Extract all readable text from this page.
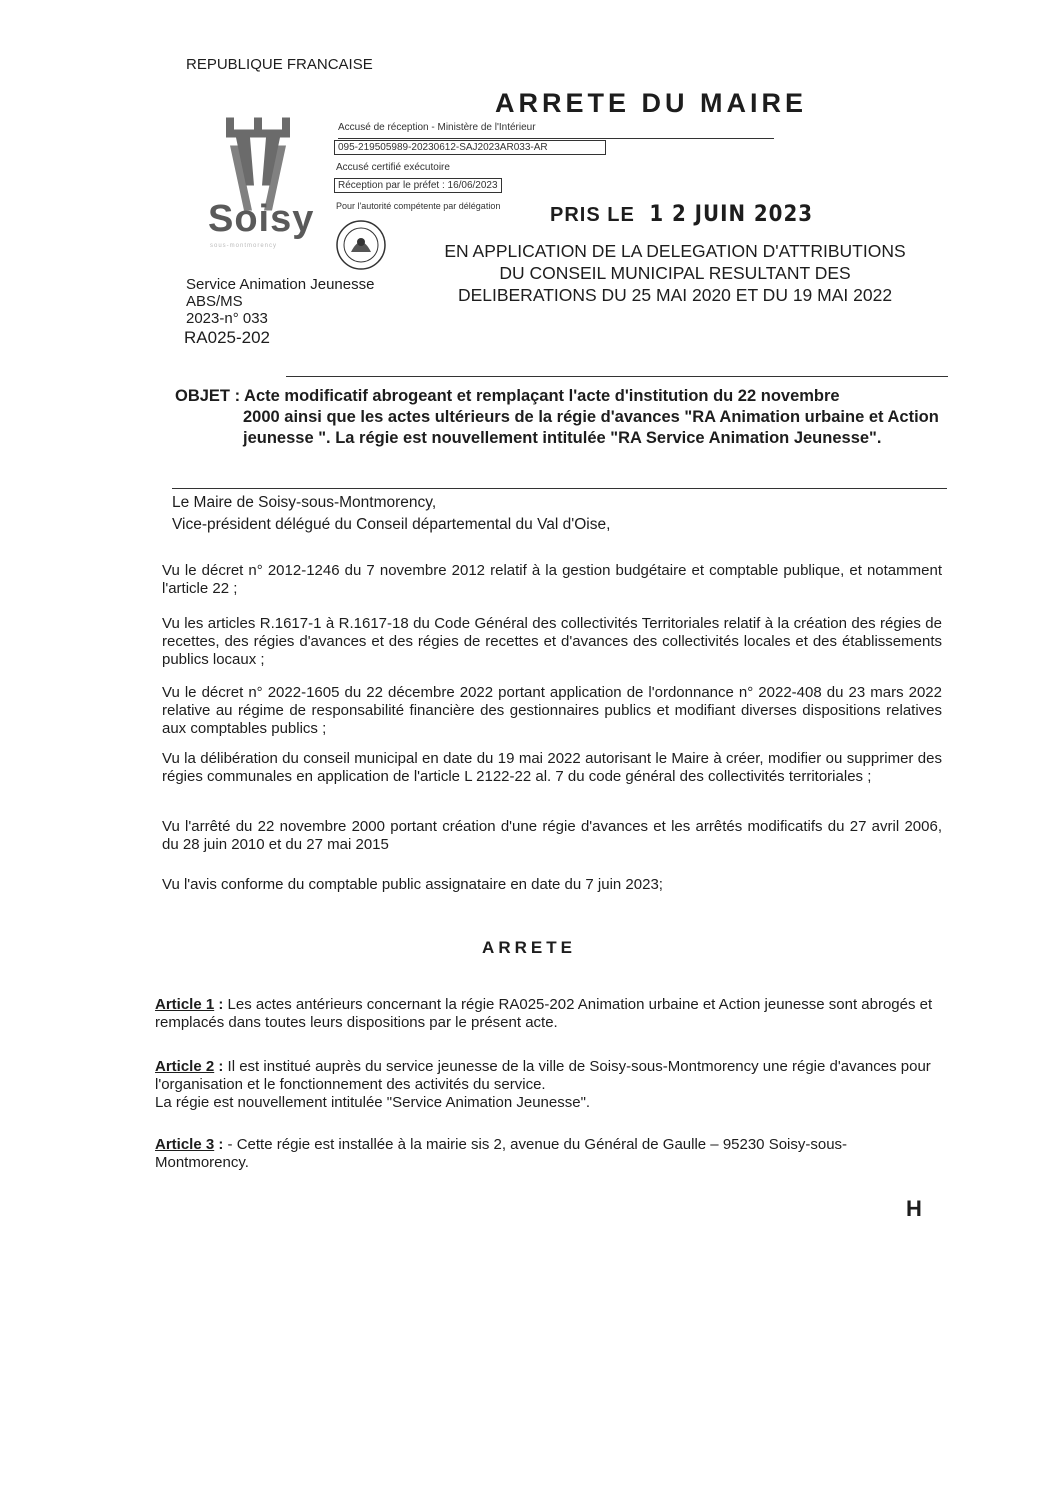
REPUBLIQUE FRANCAISE
Soisy
sous-montmorency
ARRETE DU MAIRE
Accusé de réception - Ministère de l'Intérieur
095-219505989-20230612-SAJ2023AR033-AR
Accusé certifié exécutoire
Réception par le préfet : 16/06/2023
Pour l'autorité compétente par délégation PRIS LE 1 2 JUIN 2023
EN APPLICATION DE LA DELEGATION D'ATTRIBUTIONS
DU CONSEIL MUNICIPAL RESULTANT DES
DELIBERATIONS DU 25 MAI 2020 ET DU 19 MAI 2022
Service Animation Jeunesse
ABS/MS
2023-n° 033
RA025-202
OBJET : Acte modificatif abrogeant et remplaçant l'acte d'institution du 22 novembre
2000 ainsi que les actes ultérieurs de la régie d'avances "RA Animation urbaine et Action jeunesse ". La régie est nouvellement intitulée "RA Service Animation Jeunesse".
Le Maire de Soisy-sous-Montmorency,
Vice-président délégué du Conseil départemental du Val d'Oise,
Vu le décret n° 2012-1246 du 7 novembre 2012 relatif à la gestion budgétaire et comptable publique, et notamment l'article 22 ;
Vu les articles R.1617-1 à R.1617-18 du Code Général des collectivités Territoriales relatif à la création des régies de recettes, des régies d'avances et des régies de recettes et d'avances des collectivités locales et des établissements publics locaux ;
Vu le décret n° 2022-1605 du 22 décembre 2022 portant application de l'ordonnance n° 2022-408 du 23 mars 2022 relative au régime de responsabilité financière des gestionnaires publics et modifiant diverses dispositions relatives aux comptables publics ;
Vu la délibération du conseil municipal en date du 19 mai 2022 autorisant le Maire à créer, modifier ou supprimer des régies communales en application de l'article L 2122-22 al. 7 du code général des collectivités territoriales ;
Vu l'arrêté du 22 novembre 2000 portant création d'une régie d'avances et les arrêtés modificatifs du 27 avril 2006, du 28 juin 2010 et du 27 mai 2015
Vu l'avis conforme du comptable public assignataire en date du 7 juin 2023;
ARRETE
Article 1 : Les actes antérieurs concernant la régie RA025-202 Animation urbaine et Action jeunesse sont abrogés et remplacés dans toutes leurs dispositions par le présent acte.
Article 2 : Il est institué auprès du service jeunesse de la ville de Soisy-sous-Montmorency une régie d'avances pour l'organisation et le fonctionnement des activités du service.
La régie est nouvellement intitulée "Service Animation Jeunesse".
Article 3 : - Cette régie est installée à la mairie sis 2, avenue du Général de Gaulle – 95230 Soisy-sous-Montmorency.
H
